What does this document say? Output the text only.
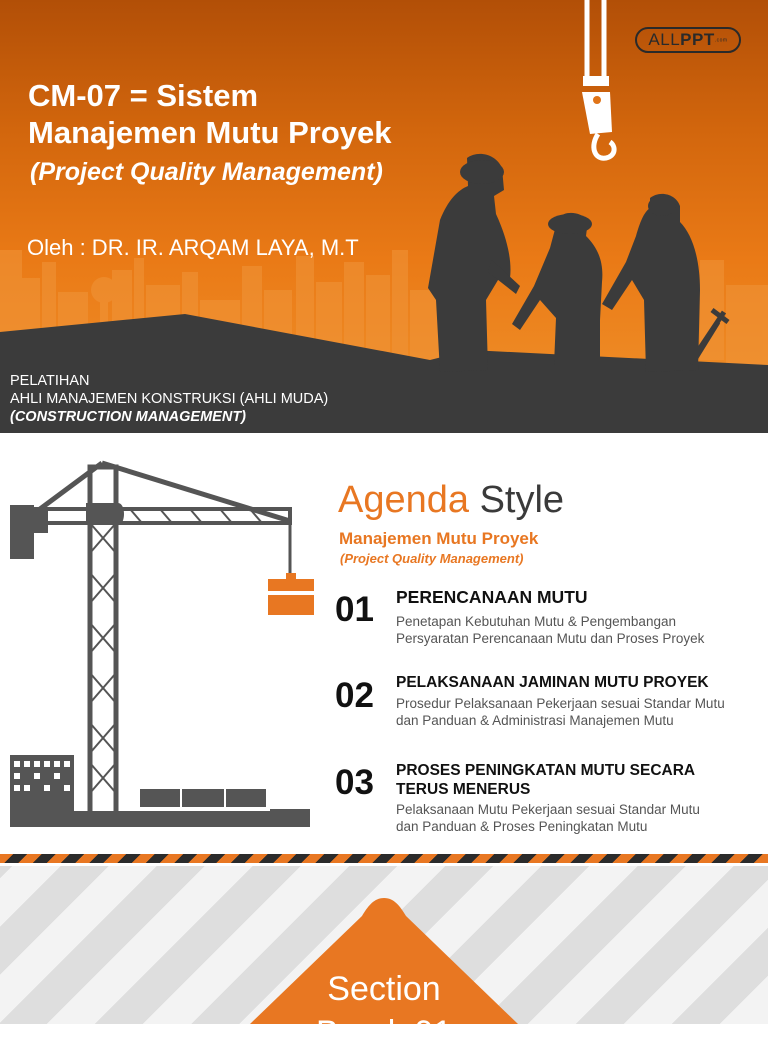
ALLPPT.com
CM-07 = Sistem
Manajemen Mutu Proyek
(Project Quality Management)
Oleh : DR. IR. ARQAM LAYA, M.T
PELATIHAN
AHLI MANAJEMEN KONSTRUKSI (AHLI MUDA)
(CONSTRUCTION MANAGEMENT)
Agenda Style
Manajemen Mutu Proyek
(Project Quality Management)
01 PERENCANAAN MUTU
Penetapan Kebutuhan Mutu & Pengembangan
Persyaratan Perencanaan Mutu dan Proses Proyek
02 PELAKSANAAN JAMINAN MUTU PROYEK
Prosedur Pelaksanaan Pekerjaan sesuai Standar Mutu
dan Panduan & Administrasi Manajemen Mutu
03 PROSES PENINGKATAN MUTU SECARA
TERUS MENERUS
Pelaksanaan Mutu Pekerjaan sesuai Standar Mutu
dan Panduan & Proses Peningkatan Mutu
Section
Break 01
